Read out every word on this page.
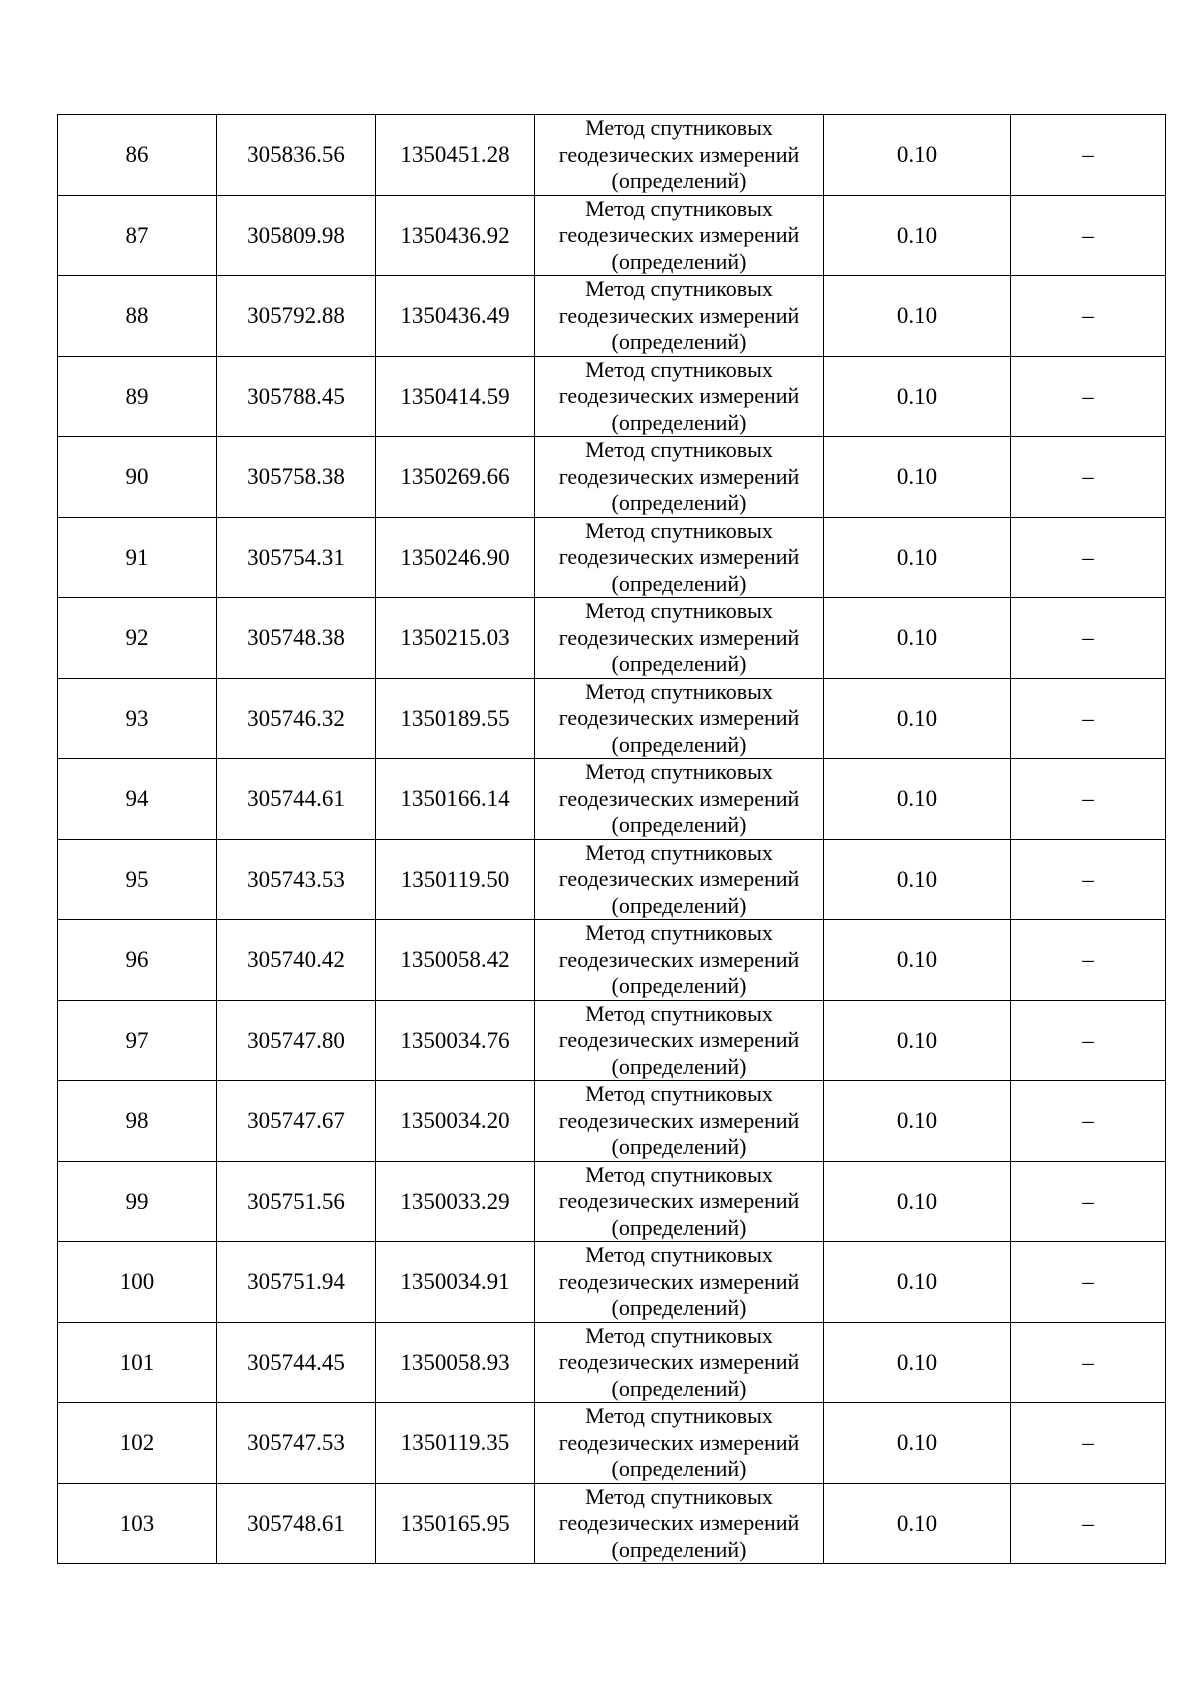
86	305836.56	1350451.28	Метод спутниковых
геодезических измерений
(определений)	0.10	–
87	305809.98	1350436.92	Метод спутниковых
геодезических измерений
(определений)	0.10	–
88	305792.88	1350436.49	Метод спутниковых
геодезических измерений
(определений)	0.10	–
89	305788.45	1350414.59	Метод спутниковых
геодезических измерений
(определений)	0.10	–
90	305758.38	1350269.66	Метод спутниковых
геодезических измерений
(определений)	0.10	–
91	305754.31	1350246.90	Метод спутниковых
геодезических измерений
(определений)	0.10	–
92	305748.38	1350215.03	Метод спутниковых
геодезических измерений
(определений)	0.10	–
93	305746.32	1350189.55	Метод спутниковых
геодезических измерений
(определений)	0.10	–
94	305744.61	1350166.14	Метод спутниковых
геодезических измерений
(определений)	0.10	–
95	305743.53	1350119.50	Метод спутниковых
геодезических измерений
(определений)	0.10	–
96	305740.42	1350058.42	Метод спутниковых
геодезических измерений
(определений)	0.10	–
97	305747.80	1350034.76	Метод спутниковых
геодезических измерений
(определений)	0.10	–
98	305747.67	1350034.20	Метод спутниковых
геодезических измерений
(определений)	0.10	–
99	305751.56	1350033.29	Метод спутниковых
геодезических измерений
(определений)	0.10	–
100	305751.94	1350034.91	Метод спутниковых
геодезических измерений
(определений)	0.10	–
101	305744.45	1350058.93	Метод спутниковых
геодезических измерений
(определений)	0.10	–
102	305747.53	1350119.35	Метод спутниковых
геодезических измерений
(определений)	0.10	–
103	305748.61	1350165.95	Метод спутниковых
геодезических измерений
(определений)	0.10	–
